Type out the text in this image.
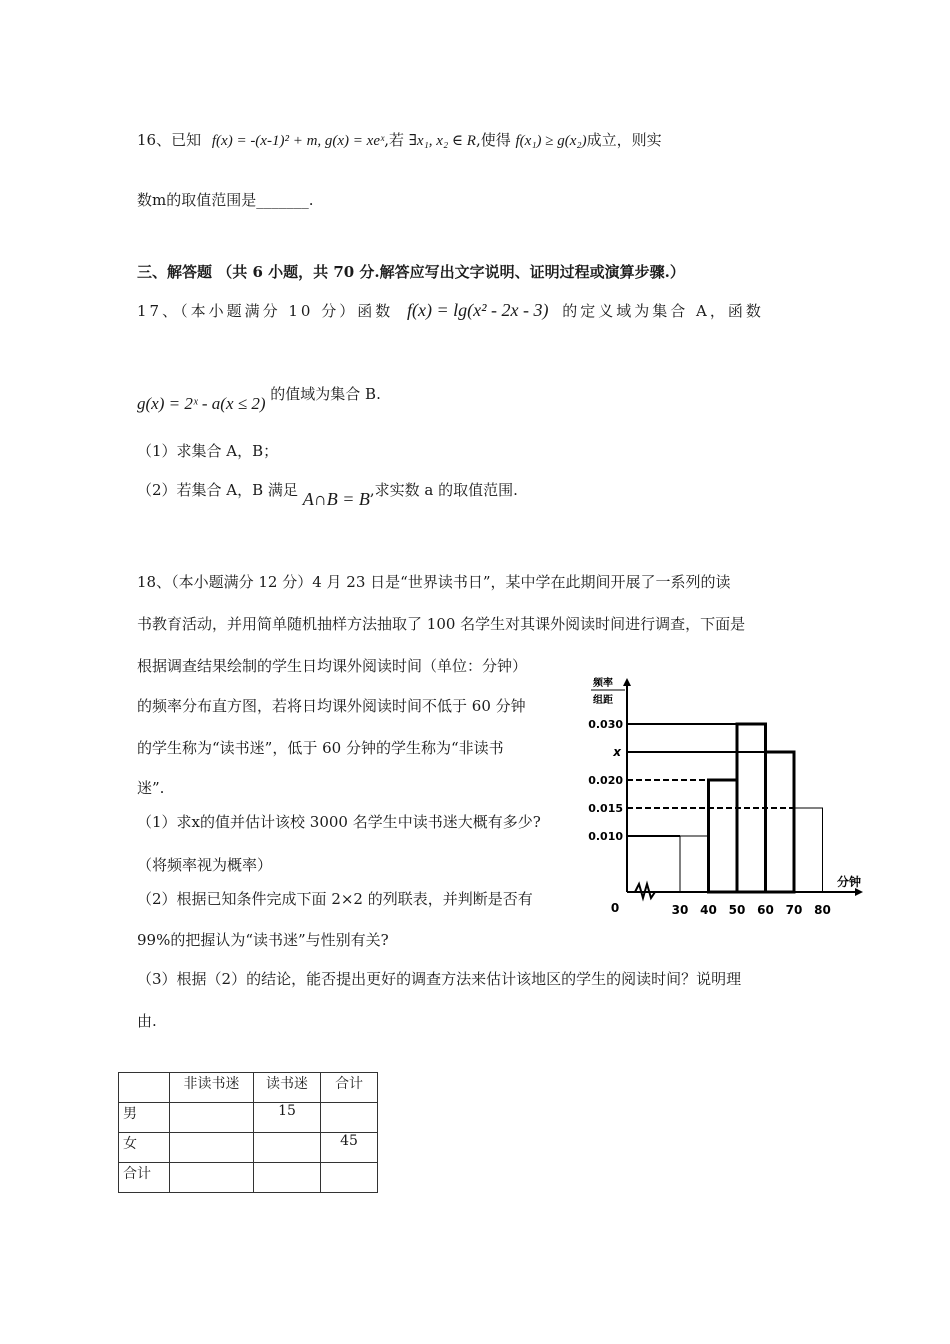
16、已知 f(x) = -(x-1)² + m, g(x) = xeˣ,若 ∃x₁, x₂ ∈ R,使得 f(x₁) ≥ g(x₂)成立，则实
数m的取值范围是_______.
三、解答题 （共 6 小题，共 70 分.解答应写出文字说明、证明过程或演算步骤.）
17、（本小题满分 10 分）函数 f(x) = lg(x² - 2x - 3) 的定义域为集合 A，函数
g(x) = 2ˣ - a(x ≤ 2) 的值域为集合 B.
（1）求集合 A，B；
（2）若集合 A，B 满足 A∩B = B,求实数 a 的取值范围.
18、（本小题满分 12 分）4 月 23 日是“世界读书日”，某中学在此期间开展了一系列的读
书教育活动，并用简单随机抽样方法抽取了 100 名学生对其课外阅读时间进行调查，下面是
根据调查结果绘制的学生日均课外阅读时间（单位：分钟）
的频率分布直方图，若将日均课外阅读时间不低于 60 分钟
的学生称为“读书迷”，低于 60 分钟的学生称为“非读书
迷”.
（1）求x的值并估计该校 3000 名学生中读书迷大概有多少?
（将频率视为概率）
（2）根据已知条件完成下面 2×2 的列联表，并判断是否有
99%的把握认为“读书迷”与性别有关?
（3）根据（2）的结论，能否提出更好的调查方法来估计该地区的学生的阅读时间？说明理
由.
频率
组距
0.010
0.015
0.020
x
0.030
30 40 50 60 70 80
0
分钟
	非读书迷	读书迷	合计
男		15	
女			45
合计			
